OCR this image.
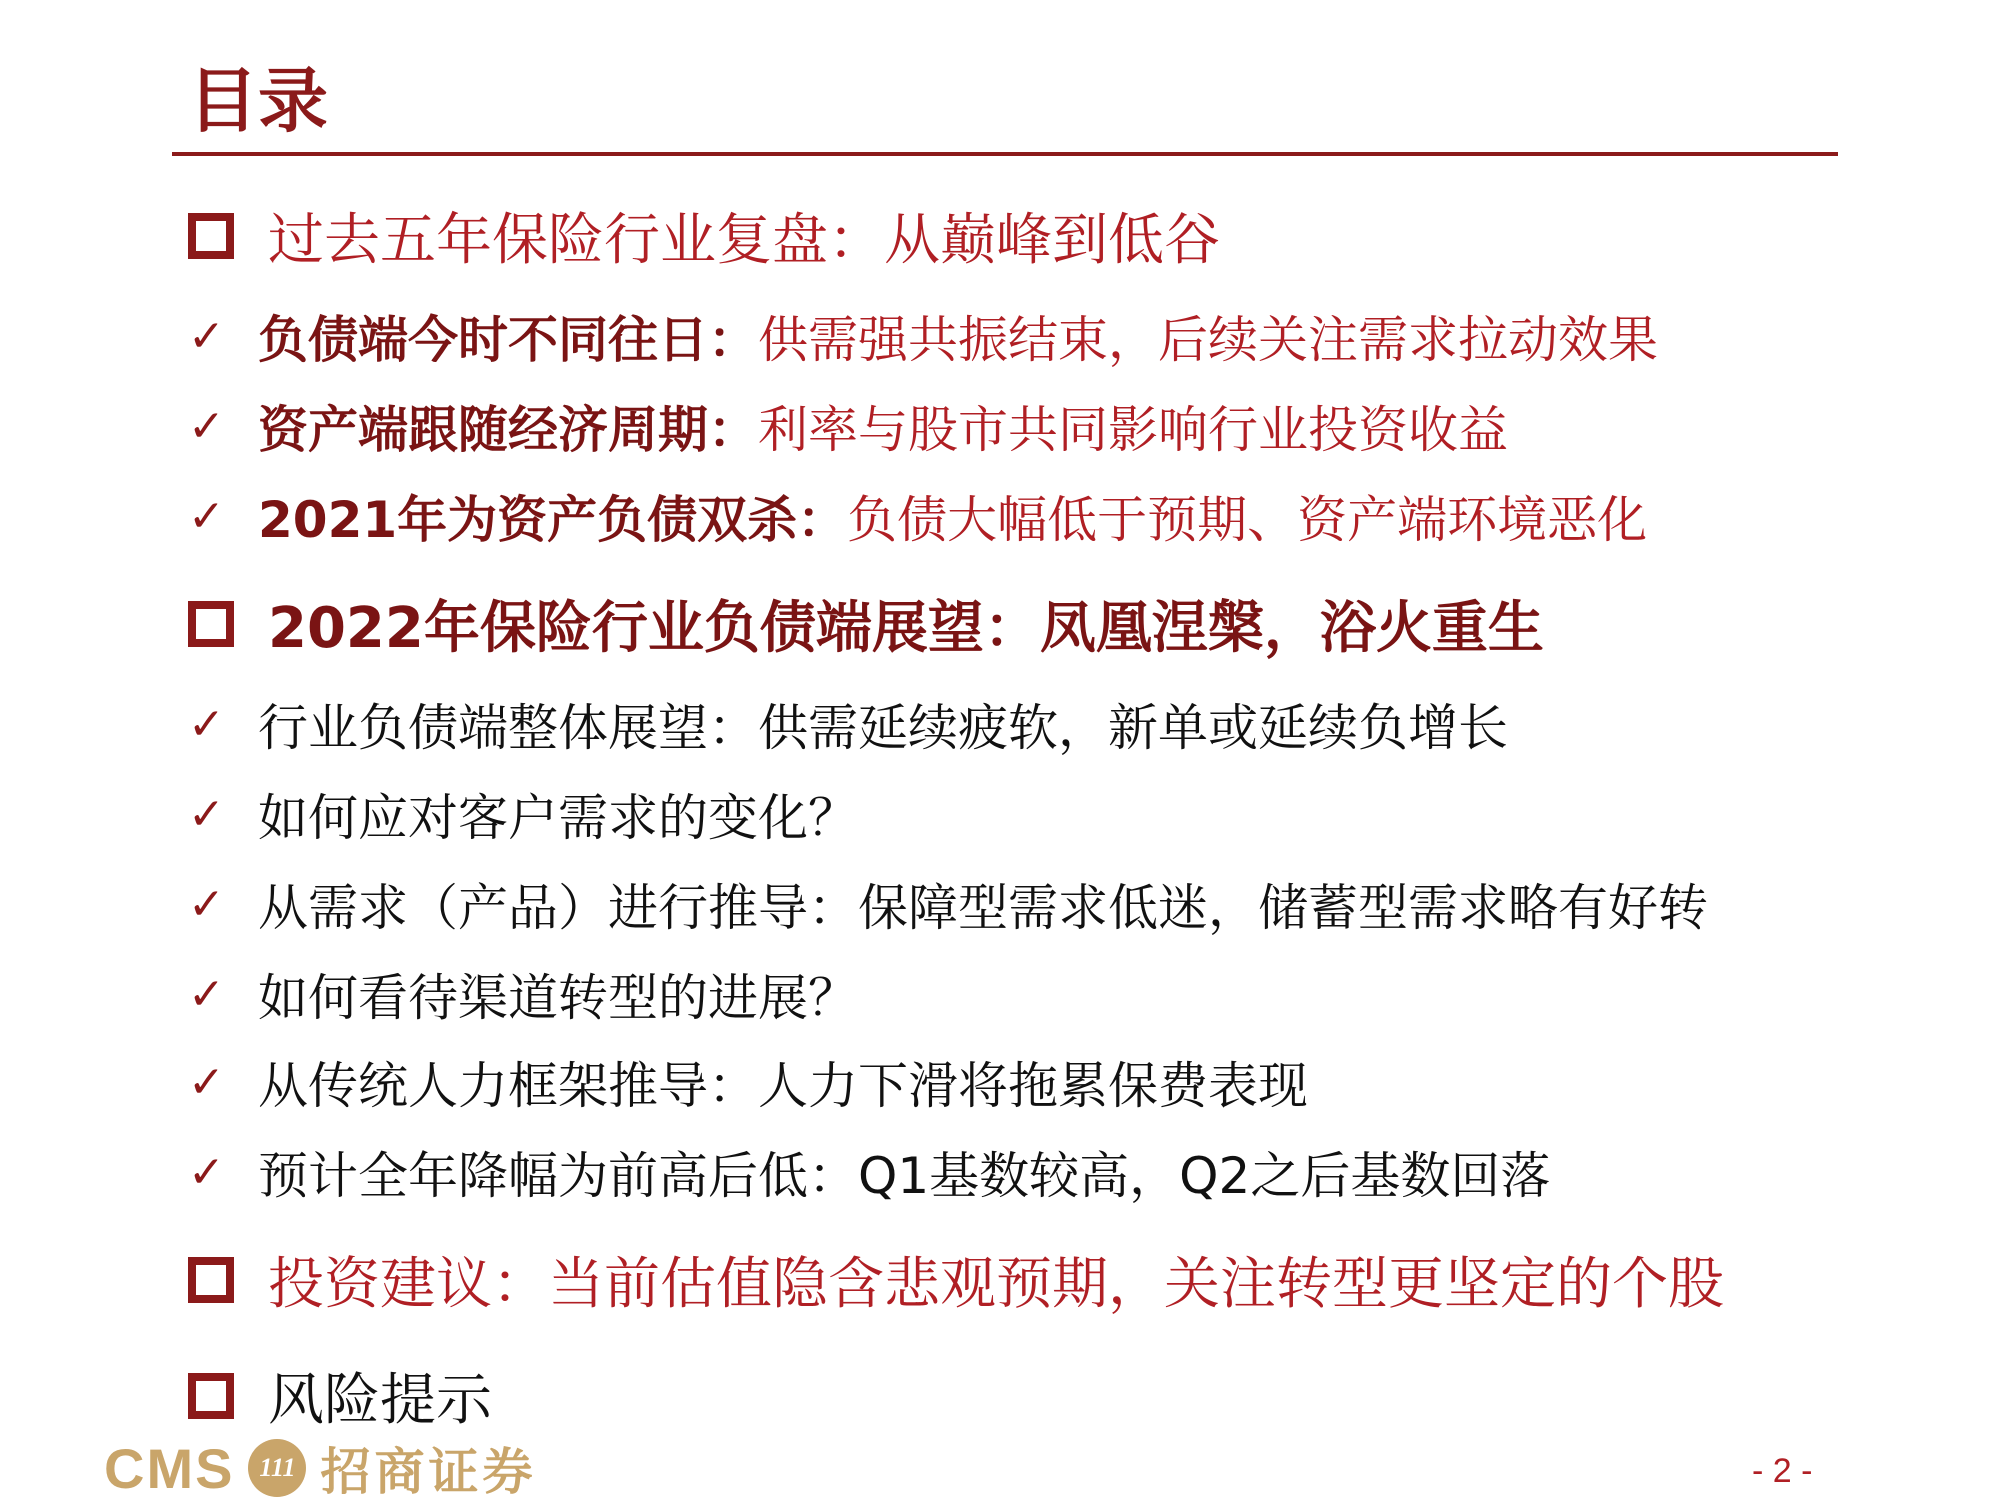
目录
过去五年保险行业复盘：从巅峰到低谷
✓ 负债端今时不同往日： 供需强共振结束，后续关注需求拉动效果
✓ 资产端跟随经济周期： 利率与股市共同影响行业投资收益
✓ 2021年为资产负债双杀： 负债大幅低于预期、资产端环境恶化
2022年保险行业负债端展望：凤凰涅槃，浴火重生
✓ 行业负债端整体展望：供需延续疲软，新单或延续负增长
✓ 如何应对客户需求的变化？
✓ 从需求（产品）进行推导：保障型需求低迷，储蓄型需求略有好转
✓ 如何看待渠道转型的进展？
✓ 从传统人力框架推导：人力下滑将拖累保费表现
✓ 预计全年降幅为前高后低：Q1基数较高，Q2之后基数回落
投资建议：当前估值隐含悲观预期，关注转型更坚定的个股
风险提示
CMS 111 招商证券	- 2 -
